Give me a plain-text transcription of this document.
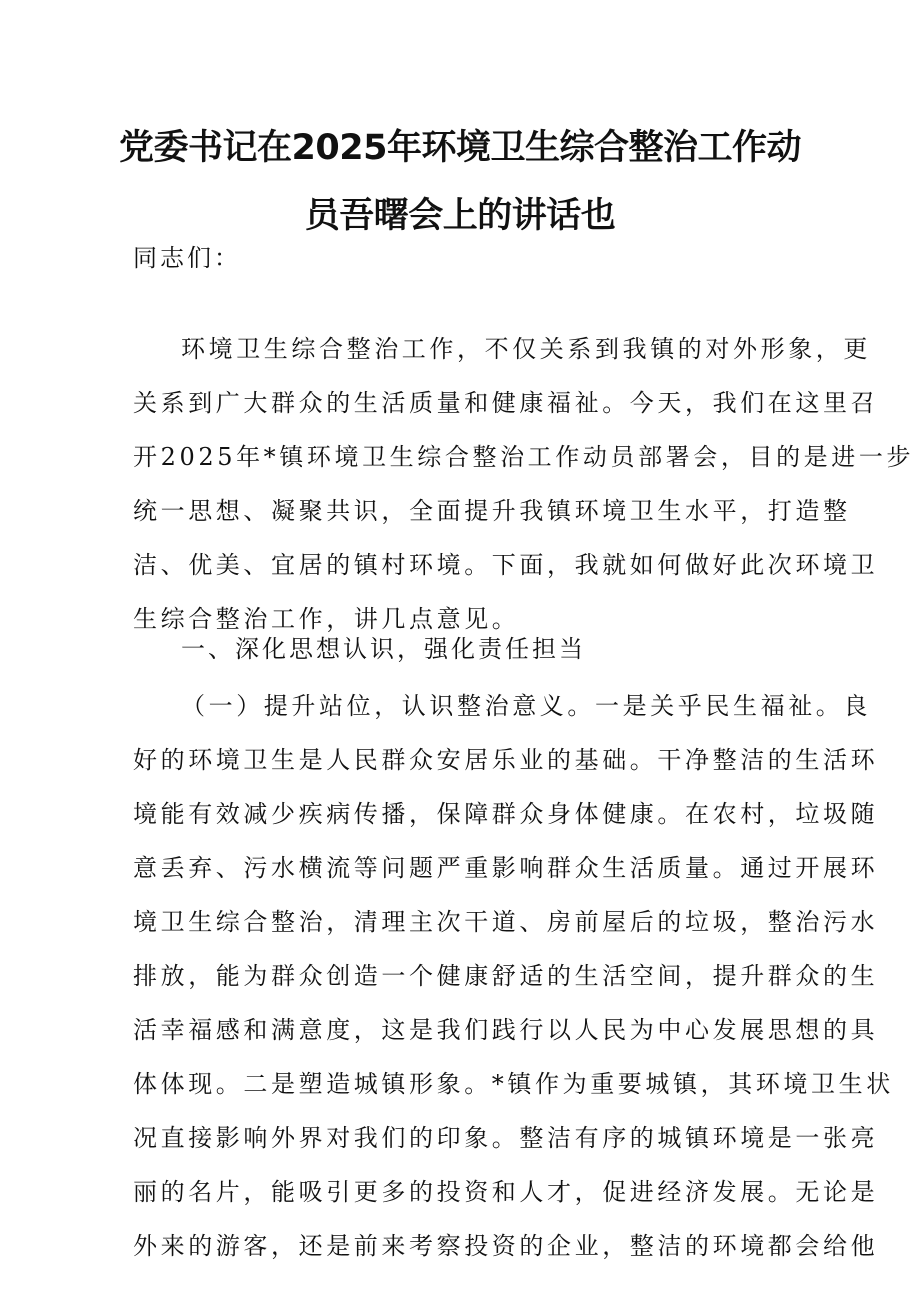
党委书记在2025年环境卫生综合整治工作动
员吾曙会上的讲话也
同志们：
环境卫生综合整治工作，不仅关系到我镇的对外形象，更
关系到广大群众的生活质量和健康福祉。今天，我们在这里召
开2025年*镇环境卫生综合整治工作动员部署会，目的是进一步
统一思想、凝聚共识，全面提升我镇环境卫生水平，打造整
洁、优美、宜居的镇村环境。下面，我就如何做好此次环境卫
生综合整治工作，讲几点意见。
一、深化思想认识，强化责任担当
（一）提升站位，认识整治意义。一是关乎民生福祉。良
好的环境卫生是人民群众安居乐业的基础。干净整洁的生活环
境能有效减少疾病传播，保障群众身体健康。在农村，垃圾随
意丢弃、污水横流等问题严重影响群众生活质量。通过开展环
境卫生综合整治，清理主次干道、房前屋后的垃圾，整治污水
排放，能为群众创造一个健康舒适的生活空间，提升群众的生
活幸福感和满意度，这是我们践行以人民为中心发展思想的具
体体现。二是塑造城镇形象。*镇作为重要城镇，其环境卫生状
况直接影响外界对我们的印象。整洁有序的城镇环境是一张亮
丽的名片，能吸引更多的投资和人才，促进经济发展。无论是
外来的游客，还是前来考察投资的企业，整洁的环境都会给他
